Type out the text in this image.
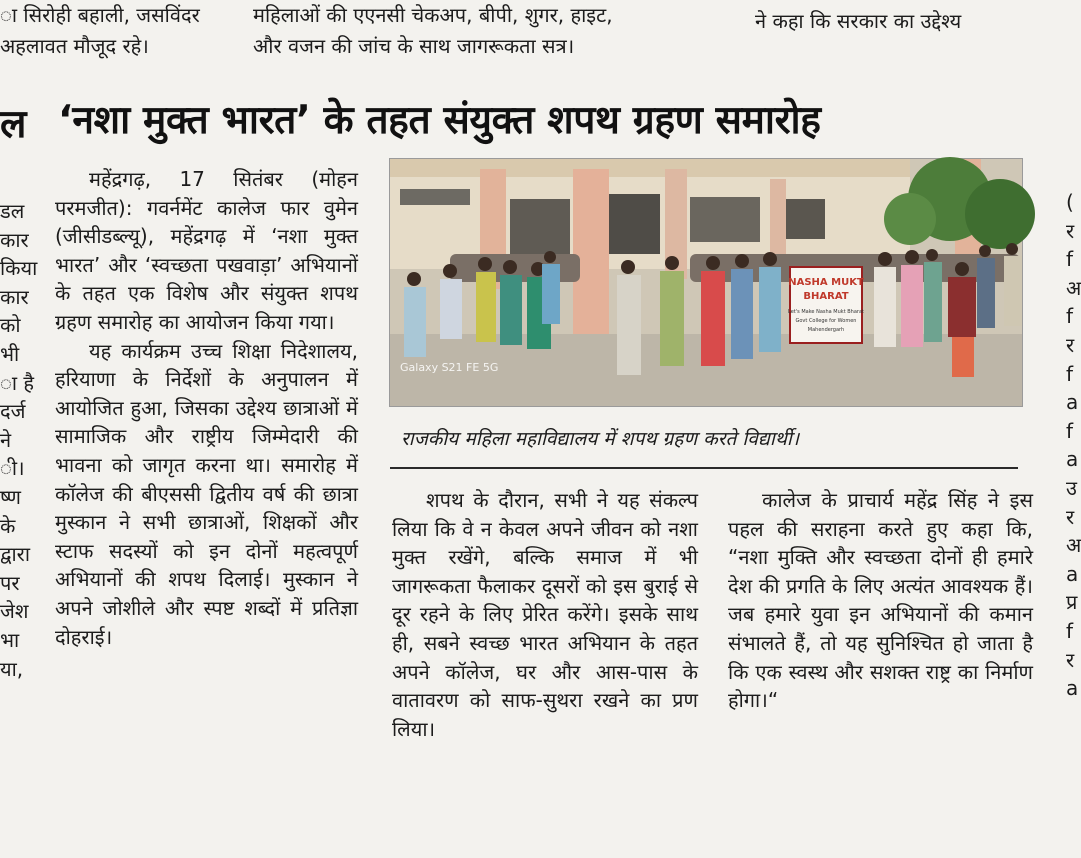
ा सिरोही बहाली, जसविंदर
अहलावत मौजूद रहे।
महिलाओं की एएनसी चेकअप, बीपी, शुगर, हाइट,
और वजन की जांच के साथ जागरूकता सत्र।
ने कहा कि सरकार का उद्देश्य
ल
डल
कार
किया
कार
को
भी
ा है
दर्ज
ने
ी।
ष्ण
के
द्वारा
पर
जेश
भा
या,
(
र
f
अ
f
र
f
a
f
a
उ
र
अ
a
प्र
f
र
a
‘नशा मुक्त भारत’ के तहत संयुक्त शपथ ग्रहण समारोह

महेंद्रगढ़, 17 सितंबर (मोहन परमजीत): गवर्नमेंट कालेज फार वुमेन (जीसीडब्ल्यू), महेंद्रगढ़ में ‘नशा मुक्त भारत’ और ‘स्वच्छता पखवाड़ा’ अभियानों के तहत एक विशेष और संयुक्त शपथ ग्रहण समारोह का आयोजन किया गया।

यह कार्यक्रम उच्च शिक्षा निदेशालय, हरियाणा के निर्देशों के अनुपालन में आयोजित हुआ, जिसका उद्देश्य छात्राओं में सामाजिक और राष्ट्रीय जिम्मेदारी की भावना को जागृत करना था। समारोह में कॉलेज की बीएससी द्वितीय वर्ष की छात्रा मुस्कान ने सभी छात्राओं, शिक्षकों और स्टाफ सदस्यों को इन दोनों महत्वपूर्ण अभियानों की शपथ दिलाई। मुस्कान ने अपने जोशीले और स्पष्ट शब्दों में प्रतिज्ञा दोहराई।

NASHA MUKT
BHARAT
Let's Make Nasha Mukt Bharat
Govt College for Women
Mahendergarh
Galaxy S21 FE 5G
राजकीय महिला महाविद्यालय में शपथ ग्रहण करते विद्यार्थी।

शपथ के दौरान, सभी ने यह संकल्प लिया कि वे न केवल अपने जीवन को नशा मुक्त रखेंगे, बल्कि समाज में भी जागरूकता फैलाकर दूसरों को इस बुराई से दूर रहने के लिए प्रेरित करेंगे। इसके साथ ही, सबने स्वच्छ भारत अभियान के तहत अपने कॉलेज, घर और आस-पास के वातावरण को साफ-सुथरा रखने का प्रण लिया।

कालेज के प्राचार्य महेंद्र सिंह ने इस पहल की सराहना करते हुए कहा कि, “नशा मुक्ति और स्वच्छता दोनों ही हमारे देश की प्रगति के लिए अत्यंत आवश्यक हैं। जब हमारे युवा इन अभियानों की कमान संभालते हैं, तो यह सुनिश्चित हो जाता है कि एक स्वस्थ और सशक्त राष्ट्र का निर्माण होगा।“
